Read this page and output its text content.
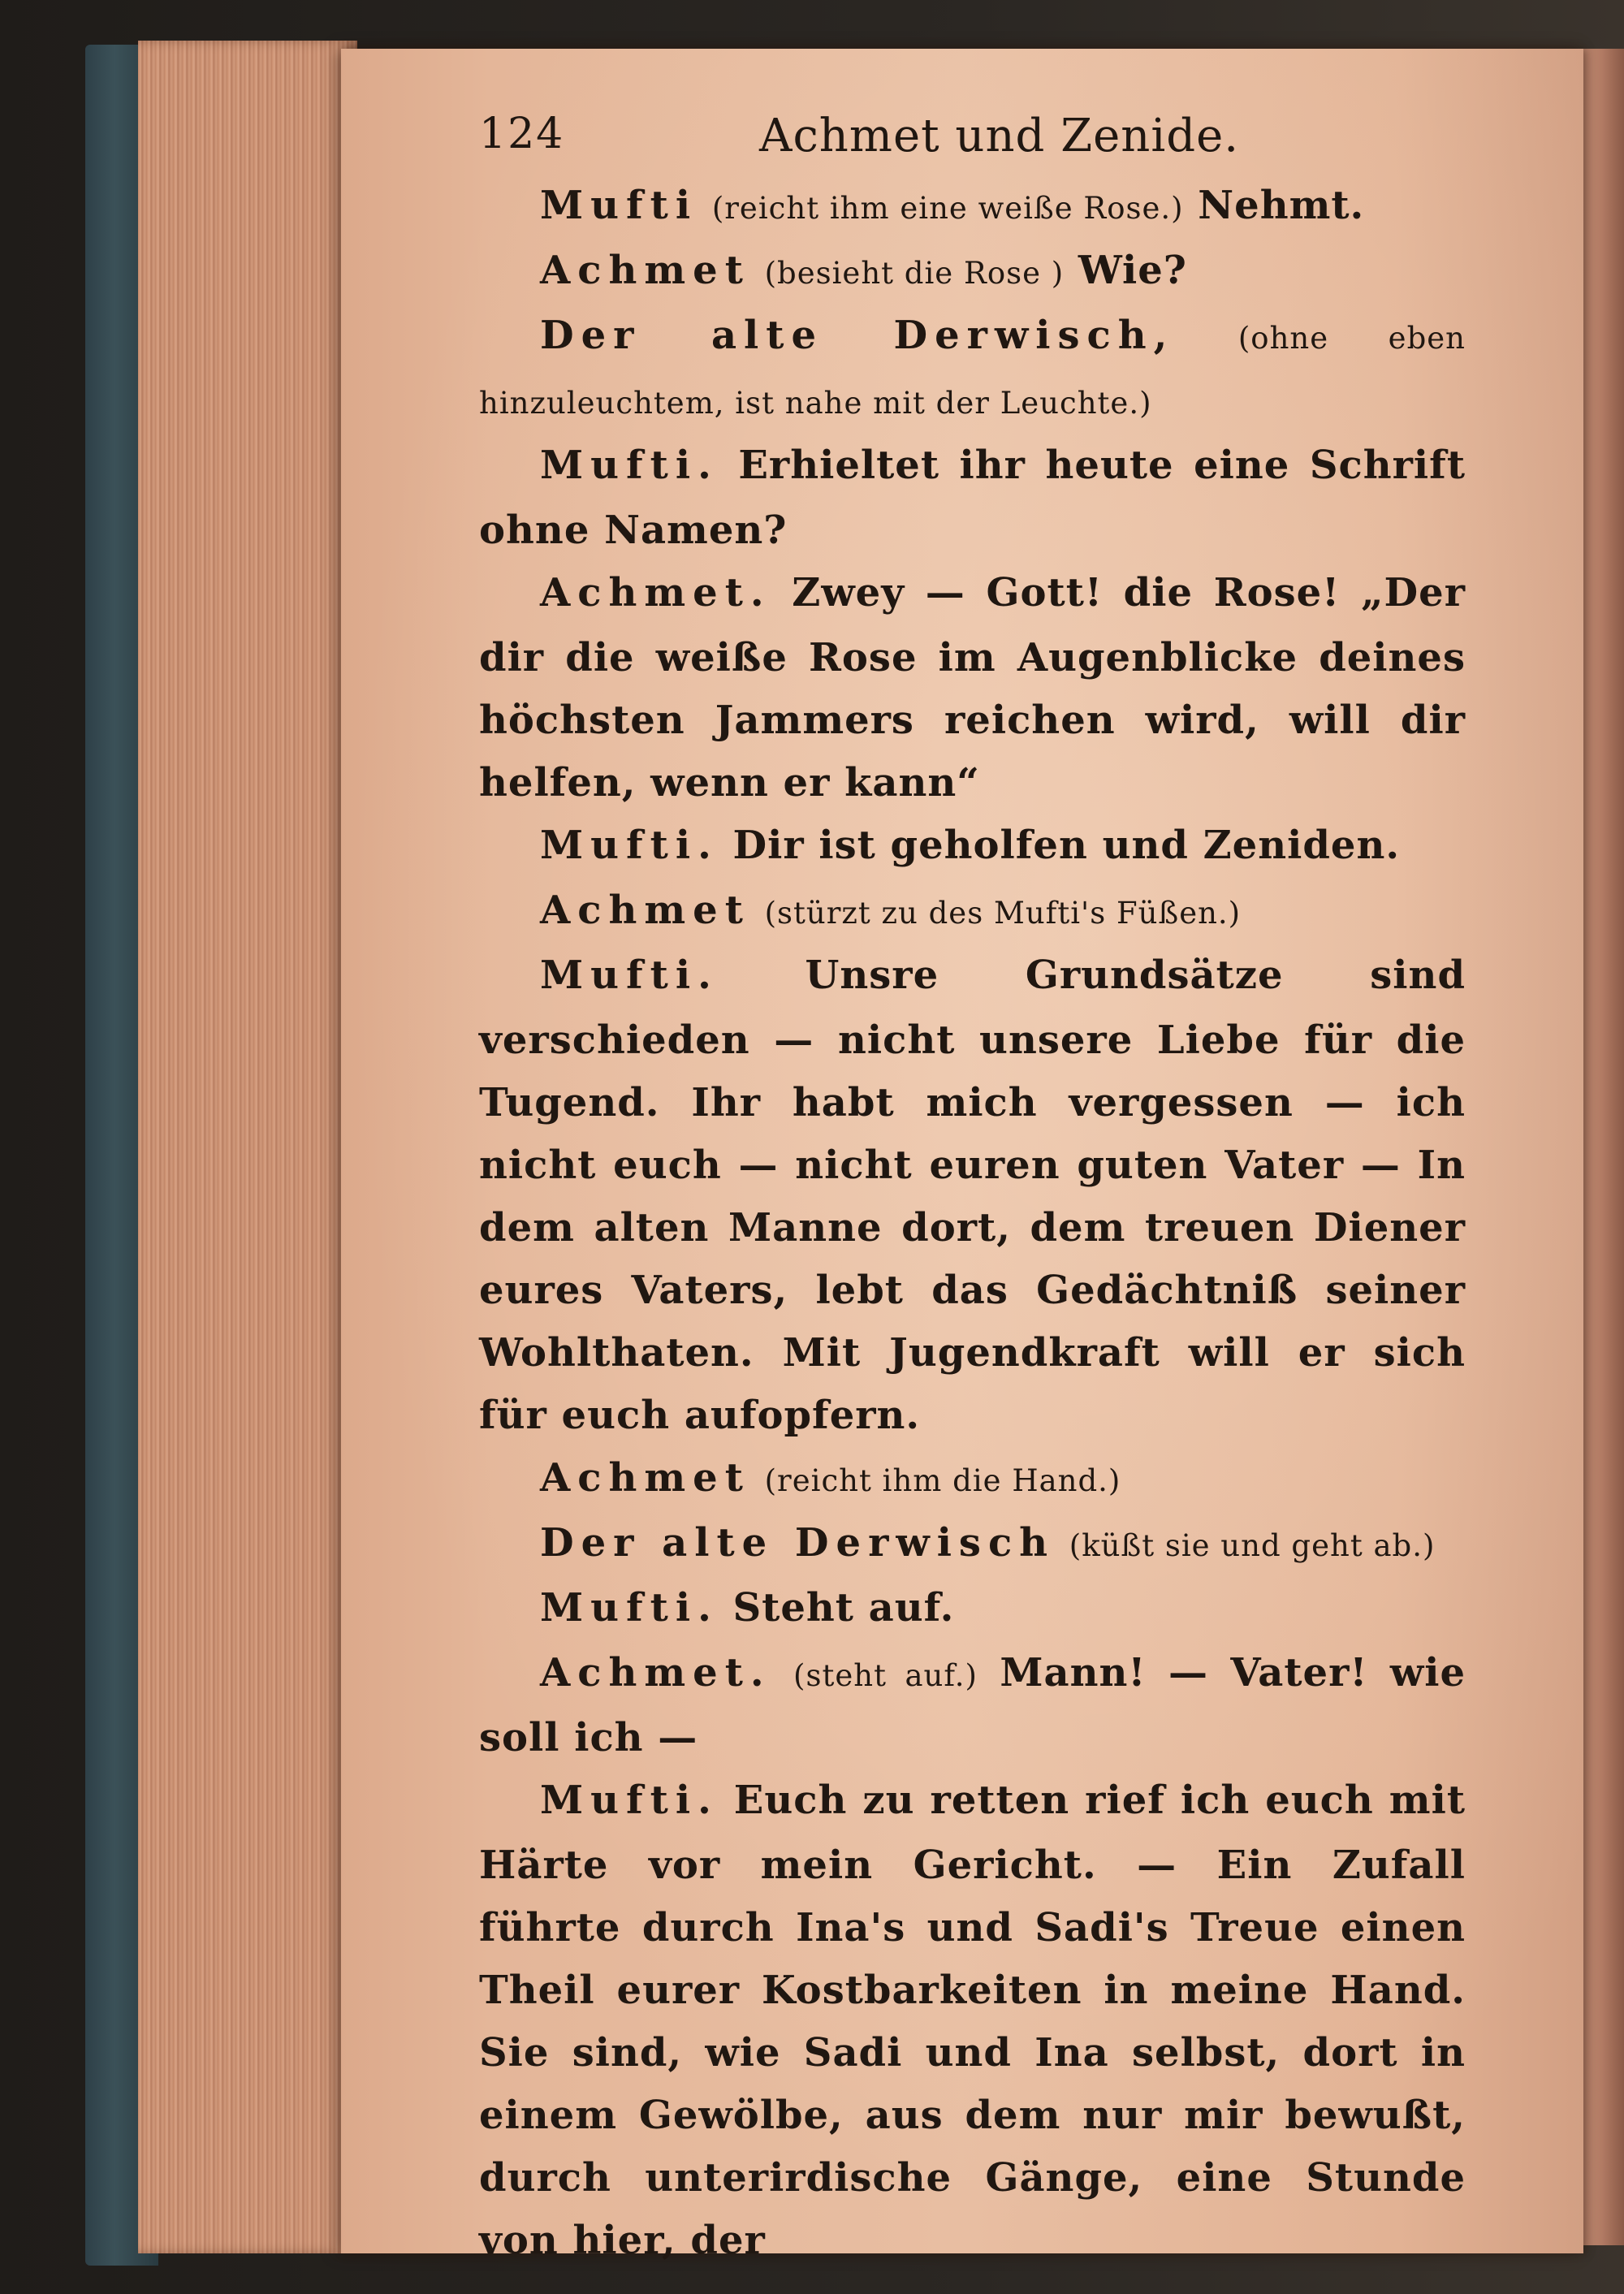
124	Achmet und Zenide.

Mufti (reicht ihm eine weiße Rose.) Nehmt.

Achmet (besieht die Rose ) Wie?

Der alte Derwisch, (ohne eben hinzuleuchtem, ist nahe mit der Leuchte.)

Mufti. Erhieltet ihr heute eine Schrift ohne Namen?

Achmet. Zwey — Gott! die Rose! „Der dir die weiße Rose im Augenblicke deines höchsten Jammers reichen wird, will dir helfen, wenn er kann“

Mufti. Dir ist geholfen und Zeniden.

Achmet (stürzt zu des Mufti's Füßen.)

Mufti. Unsre Grundsätze sind verschieden — nicht unsere Liebe für die Tugend. Ihr habt mich vergessen — ich nicht euch — nicht euren guten Vater — In dem alten Manne dort, dem treuen Diener eures Vaters, lebt das Gedächtniß seiner Wohlthaten. Mit Jugendkraft will er sich für euch aufopfern.

Achmet (reicht ihm die Hand.)

Der alte Derwisch (küßt sie und geht ab.)

Mufti. Steht auf.

Achmet. (steht auf.) Mann! — Vater! wie soll ich —

Mufti. Euch zu retten rief ich euch mit Härte vor mein Gericht. — Ein Zufall führte durch Ina's und Sadi's Treue einen Theil eurer Kostbarkeiten in meine Hand. Sie sind, wie Sadi und Ina selbst, dort in einem Gewölbe, aus dem nur mir bewußt, durch unterirdische Gänge, eine Stunde von hier, der
